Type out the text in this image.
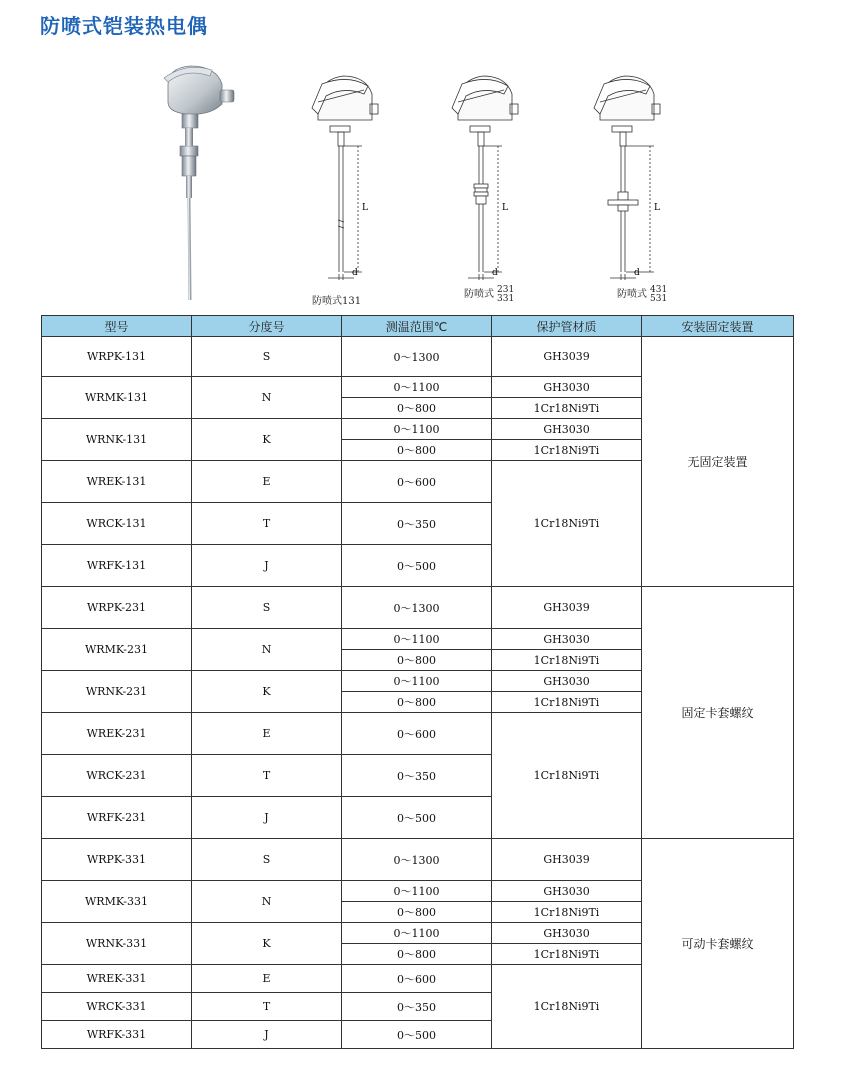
防喷式铠装热电偶
L
d
L
d
L
d
防喷式131
防喷式 231
331	防喷式 431
531
型号	分度号	测温范围℃	保护管材质	安装固定装置
WRPK-131	S	0～1300	GH3039	无固定装置
WRMK-131	N	0～1100	GH3030	
		0～800	1Cr18Ni9Ti	
WRNK-131	K	0～1100	GH3030	
		0～800	1Cr18Ni9Ti	
WREK-131	E	0～600	1Cr18Ni9Ti	
WRCK-131	T	0～350		
WRFK-131	J	0～500		
WRPK-231	S	0～1300	GH3039	固定卡套螺纹
WRMK-231	N	0～1100	GH3030	
		0～800	1Cr18Ni9Ti	
WRNK-231	K	0～1100	GH3030	
		0～800	1Cr18Ni9Ti	
WREK-231	E	0～600	1Cr18Ni9Ti	
WRCK-231	T	0～350		
WRFK-231	J	0～500		
WRPK-331	S	0～1300	GH3039	可动卡套螺纹
WRMK-331	N	0～1100	GH3030	
		0～800	1Cr18Ni9Ti	
WRNK-331	K	0～1100	GH3030	
		0～800	1Cr18Ni9Ti	
WREK-331	E	0～600	1Cr18Ni9Ti	
WRCK-331	T	0～350		
WRFK-331	J	0～500		
